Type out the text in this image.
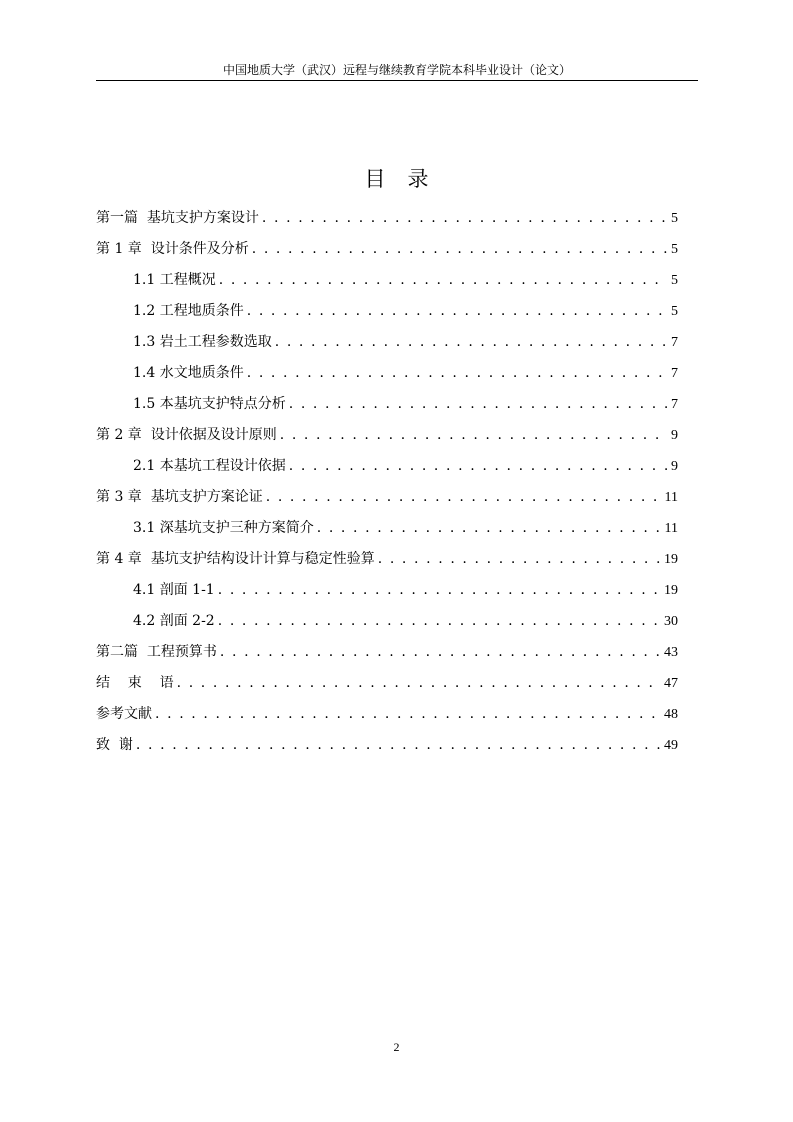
中国地质大学（武汉）远程与继续教育学院本科毕业设计（论文）
目录
第一篇  基坑支护方案设计 . . .	5
第 1 章  设计条件及分析 . . .	5
1.1 工程概况 . . .	5
1.2 工程地质条件 . . .	5
1.3 岩土工程参数选取 . . .	7
1.4 水文地质条件 . . .	7
1.5 本基坑支护特点分析 . . .	7
第 2 章  设计依据及设计原则 . . .	9
2.1 本基坑工程设计依据 . . .	9
第 3 章  基坑支护方案论证 . . .	11
3.1 深基坑支护三种方案简介 . . .	11
第 4 章  基坑支护结构设计计算与稳定性验算 . . .	19
4.1 剖面 1-1 . . .	19
4.2 剖面 2-2 . . .	30
第二篇  工程预算书 . . .	43
结    束    语 . . .	47
参考文献 . . .	48
致  谢 . . .	49
2
